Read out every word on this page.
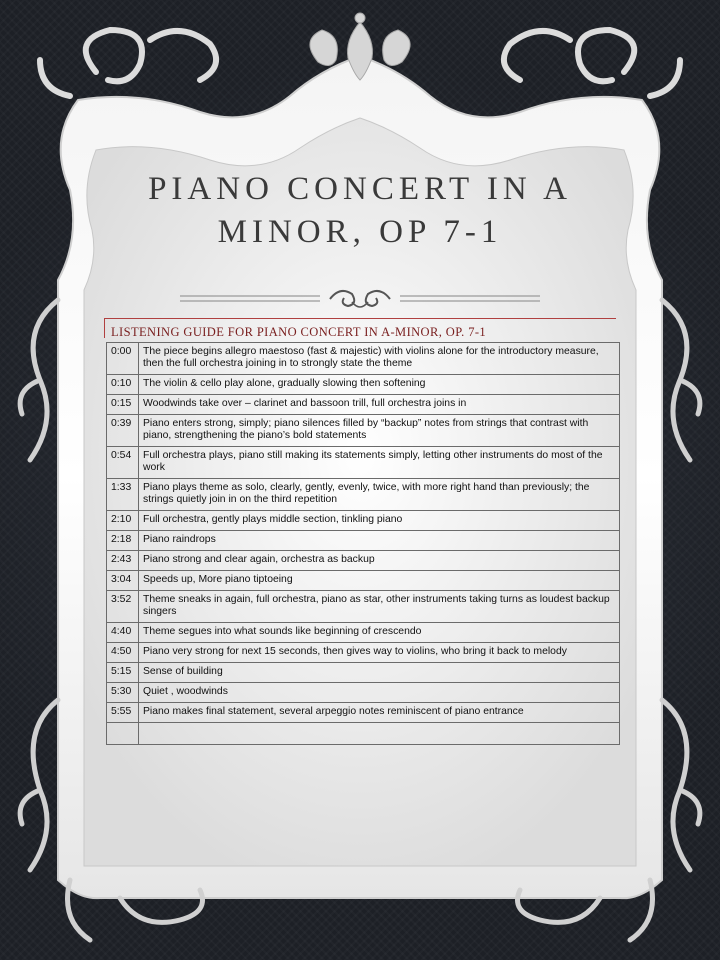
PIANO CONCERT IN A MINOR, OP 7-1
LISTENING GUIDE FOR PIANO CONCERT IN A-MINOR, OP. 7-1
0:00	The piece begins allegro maestoso (fast & majestic) with violins alone for the introductory measure, then the full orchestra joining in to strongly state the theme
0:10	The violin & cello play alone, gradually slowing then softening
0:15	Woodwinds take over – clarinet and bassoon trill, full orchestra joins in
0:39	Piano enters strong, simply; piano silences filled by “backup” notes from strings that contrast with piano, strengthening the piano’s bold statements
0:54	Full orchestra plays, piano still making its statements simply, letting other instruments do most of the work
1:33	Piano plays theme as solo, clearly, gently, evenly, twice, with more right hand than previously; the strings quietly join in on the third repetition
2:10	Full orchestra, gently plays middle section, tinkling piano
2:18	Piano raindrops
2:43	Piano strong and clear again, orchestra as backup
3:04	Speeds up, More piano tiptoeing
3:52	Theme sneaks in again, full orchestra, piano as star, other instruments taking turns as loudest backup singers
4:40	Theme segues into what sounds like beginning of crescendo
4:50	Piano very strong for next 15 seconds, then gives way to violins, who bring it back to melody
5:15	Sense of building
5:30	Quiet , woodwinds
5:55	Piano makes final statement, several arpeggio notes reminiscent of piano entrance
